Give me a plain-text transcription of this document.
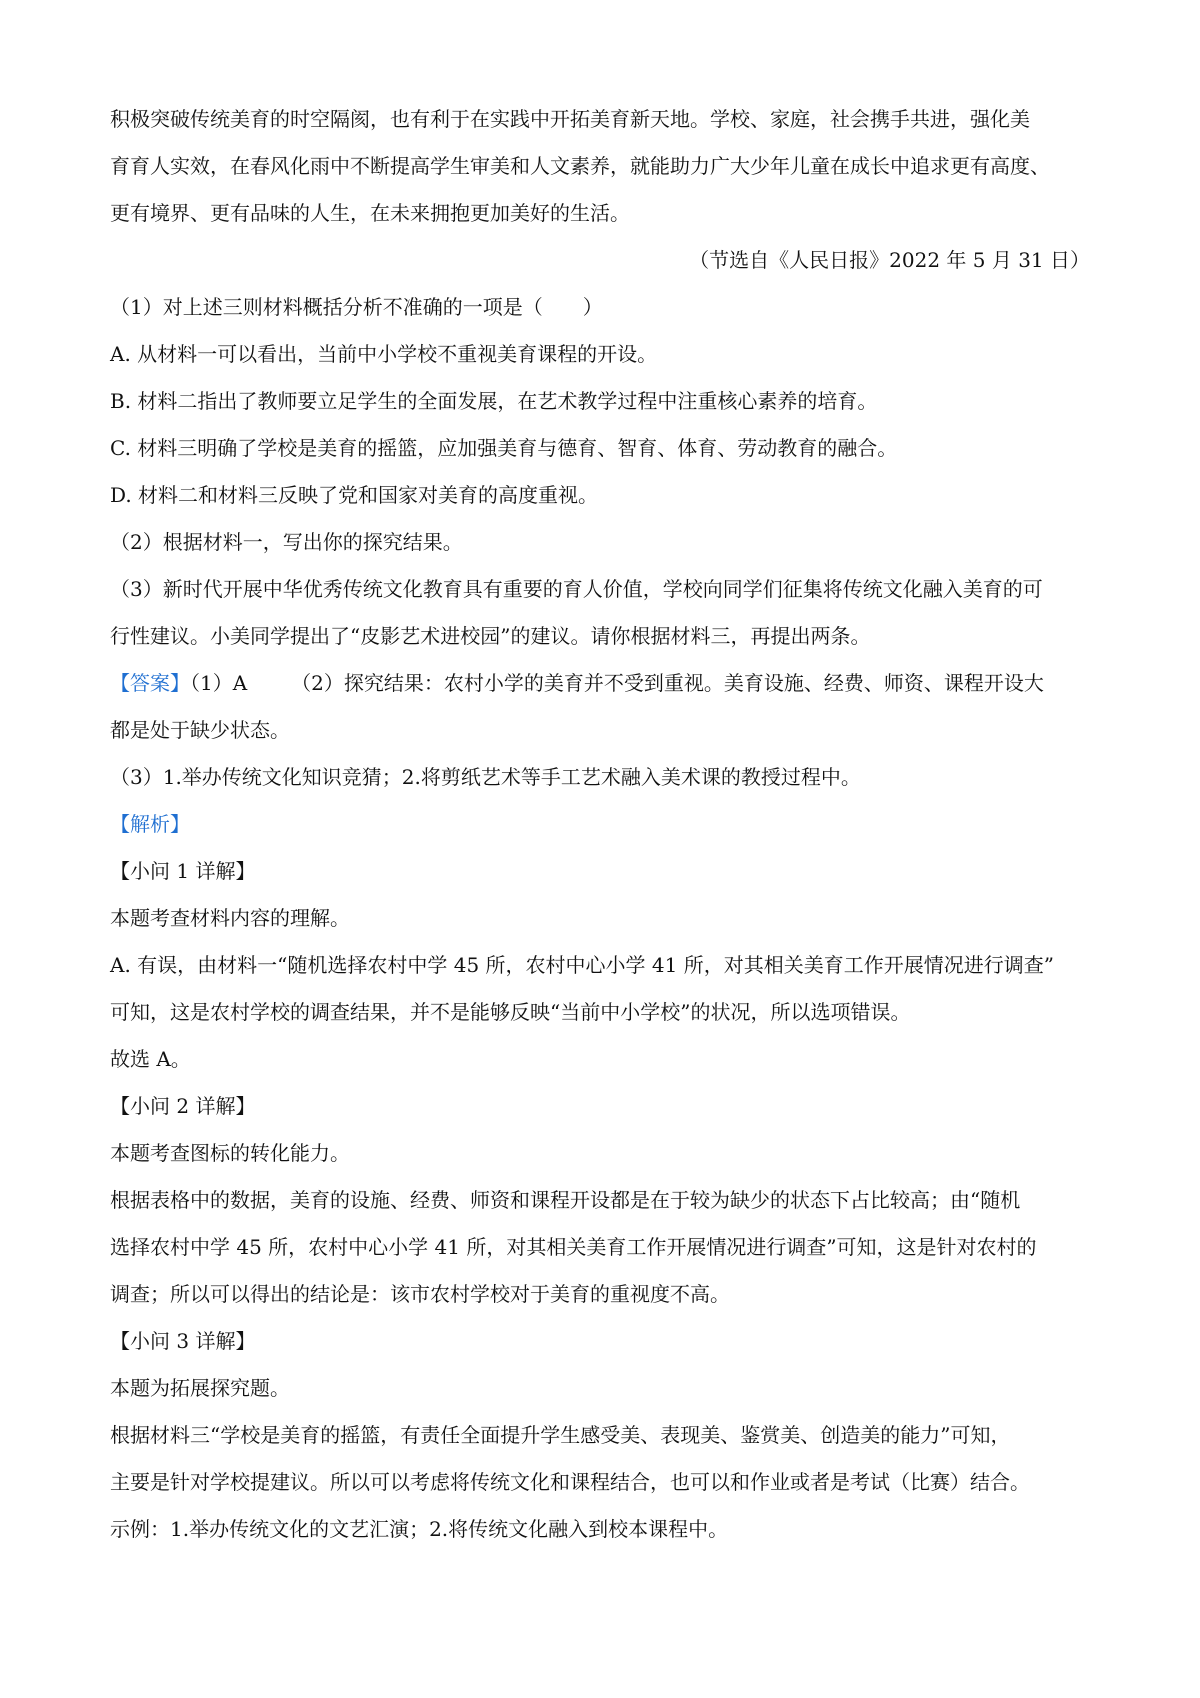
积极突破传统美育的时空隔阂，也有利于在实践中开拓美育新天地。学校、家庭，社会携手共进，强化美
育育人实效，在春风化雨中不断提高学生审美和人文素养，就能助力广大少年儿童在成长中追求更有高度、
更有境界、更有品味的人生，在未来拥抱更加美好的生活。
（节选自《人民日报》2022 年 5 月 31 日）
（1）对上述三则材料概括分析不准确的一项是（　　）
A. 从材料一可以看出，当前中小学校不重视美育课程的开设。
B. 材料二指出了教师要立足学生的全面发展，在艺术教学过程中注重核心素养的培育。
C. 材料三明确了学校是美育的摇篮，应加强美育与德育、智育、体育、劳动教育的融合。
D. 材料二和材料三反映了党和国家对美育的高度重视。
（2）根据材料一，写出你的探究结果。
（3）新时代开展中华优秀传统文化教育具有重要的育人价值，学校向同学们征集将传统文化融入美育的可
行性建议。小美同学提出了“皮影艺术进校园”的建议。请你根据材料三，再提出两条。
【答案】（1）A （2）探究结果：农村小学的美育并不受到重视。美育设施、经费、师资、课程开设大
都是处于缺少状态。
（3）1.举办传统文化知识竞猜；2.将剪纸艺术等手工艺术融入美术课的教授过程中。
【解析】
【小问 1 详解】
本题考查材料内容的理解。
A. 有误，由材料一“随机选择农村中学 45 所，农村中心小学 41 所，对其相关美育工作开展情况进行调查”
可知，这是农村学校的调查结果，并不是能够反映“当前中小学校”的状况，所以选项错误。
故选 A。
【小问 2 详解】
本题考查图标的转化能力。
根据表格中的数据，美育的设施、经费、师资和课程开设都是在于较为缺少的状态下占比较高；由“随机
选择农村中学 45 所，农村中心小学 41 所，对其相关美育工作开展情况进行调查”可知，这是针对农村的
调查；所以可以得出的结论是：该市农村学校对于美育的重视度不高。
【小问 3 详解】
本题为拓展探究题。
根据材料三“学校是美育的摇篮，有责任全面提升学生感受美、表现美、鉴赏美、创造美的能力”可知，
主要是针对学校提建议。所以可以考虑将传统文化和课程结合，也可以和作业或者是考试（比赛）结合。
示例：1.举办传统文化的文艺汇演；2.将传统文化融入到校本课程中。
